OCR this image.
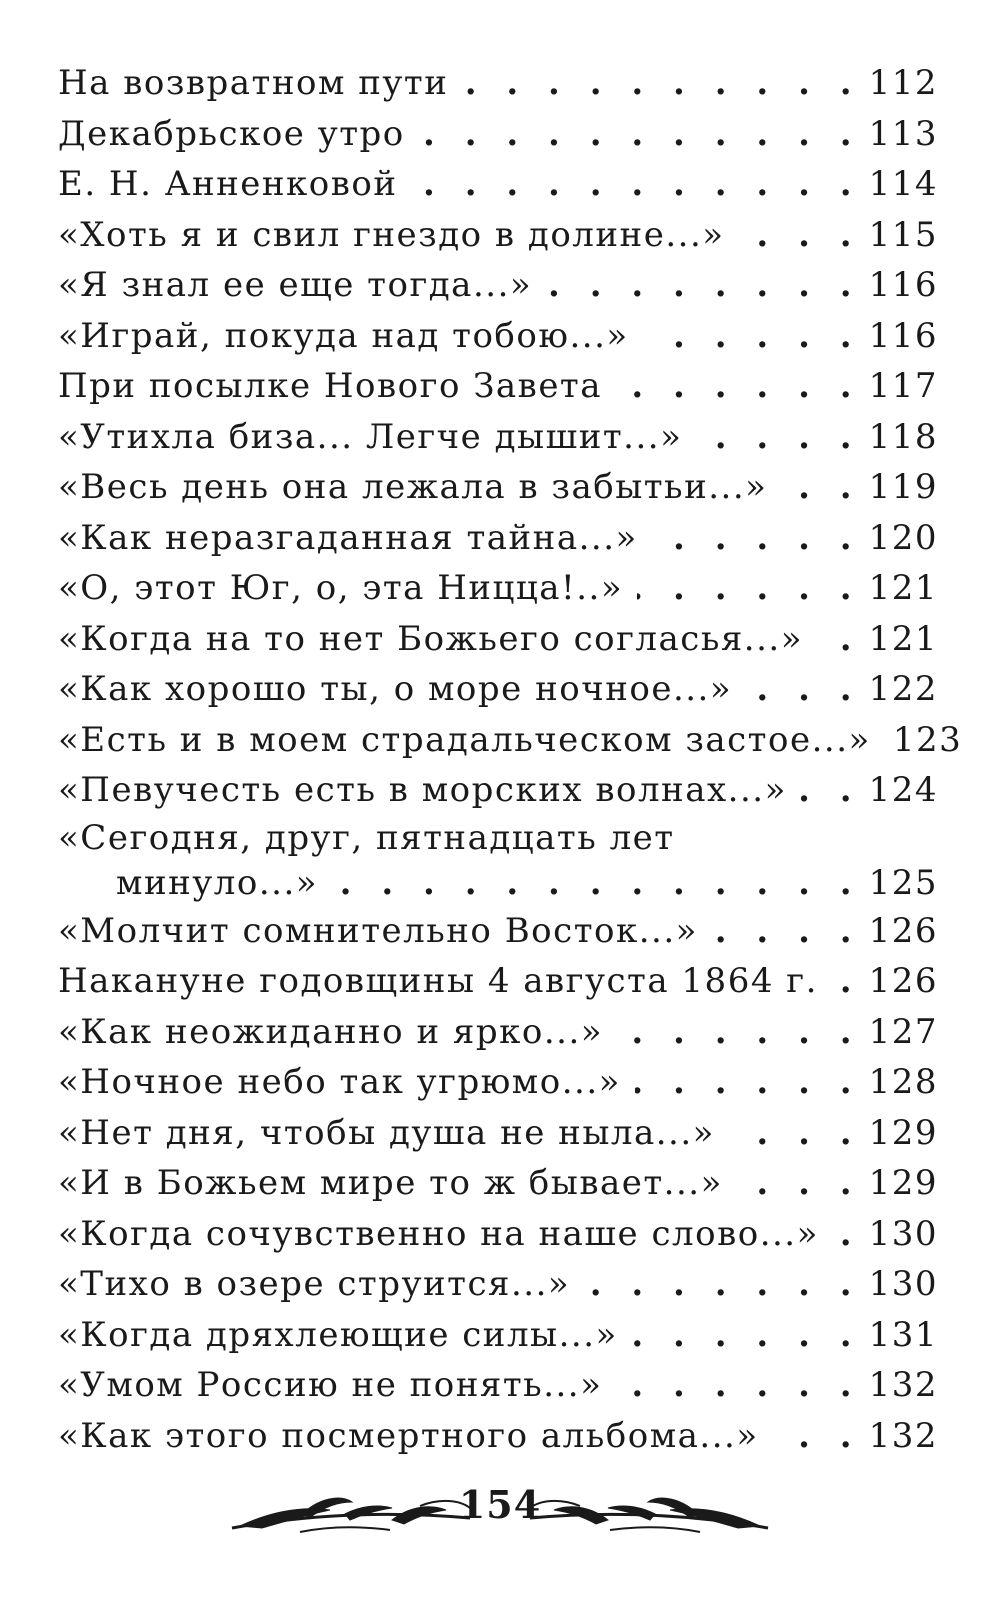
На возвратном пути . . .	112
Декабрьское утро . . .	113
Е. Н. Анненковой . . .	114
«Хоть я и свил гнездо в долине...» . . .	115
«Я знал ее еще тогда...» . . .	116
«Играй, покуда над тобою...» . . .	116
При посылке Нового Завета . . .	117
«Утихла биза... Легче дышит...» . . .	118
«Весь день она лежала в забытьи...» . . .	119
«Как неразгаданная тайна...» . . .	120
«О, этот Юг, о, эта Ницца!..» . . .	121
«Когда на то нет Божьего согласья...» . . . 121
«Как хорошо ты, о море ночное...» . . .	122
«Есть и в моем страдальческом застое...» 123
«Певучесть есть в морских волнах...» . . . 124
«Сегодня, друг, пятнадцать лет
минуло...» . . .	125
«Молчит сомнительно Восток...» . . .	126
Накануне годовщины 4 августа 1864 г. . . . 126
«Как неожиданно и ярко...» . . .	127
«Ночное небо так угрюмо...» . . .	128
«Нет дня, чтобы душа не ныла...» . . .	129
«И в Божьем мире то ж бывает...» . . .	129
«Когда сочувственно на наше слово...» . . . 130
«Тихо в озере струится...» . . .	130
«Когда дряхлеющие силы...» . . .	131
«Умом Россию не понять...» . . .	132
«Как этого посмертного альбома...» . . .	132
154
